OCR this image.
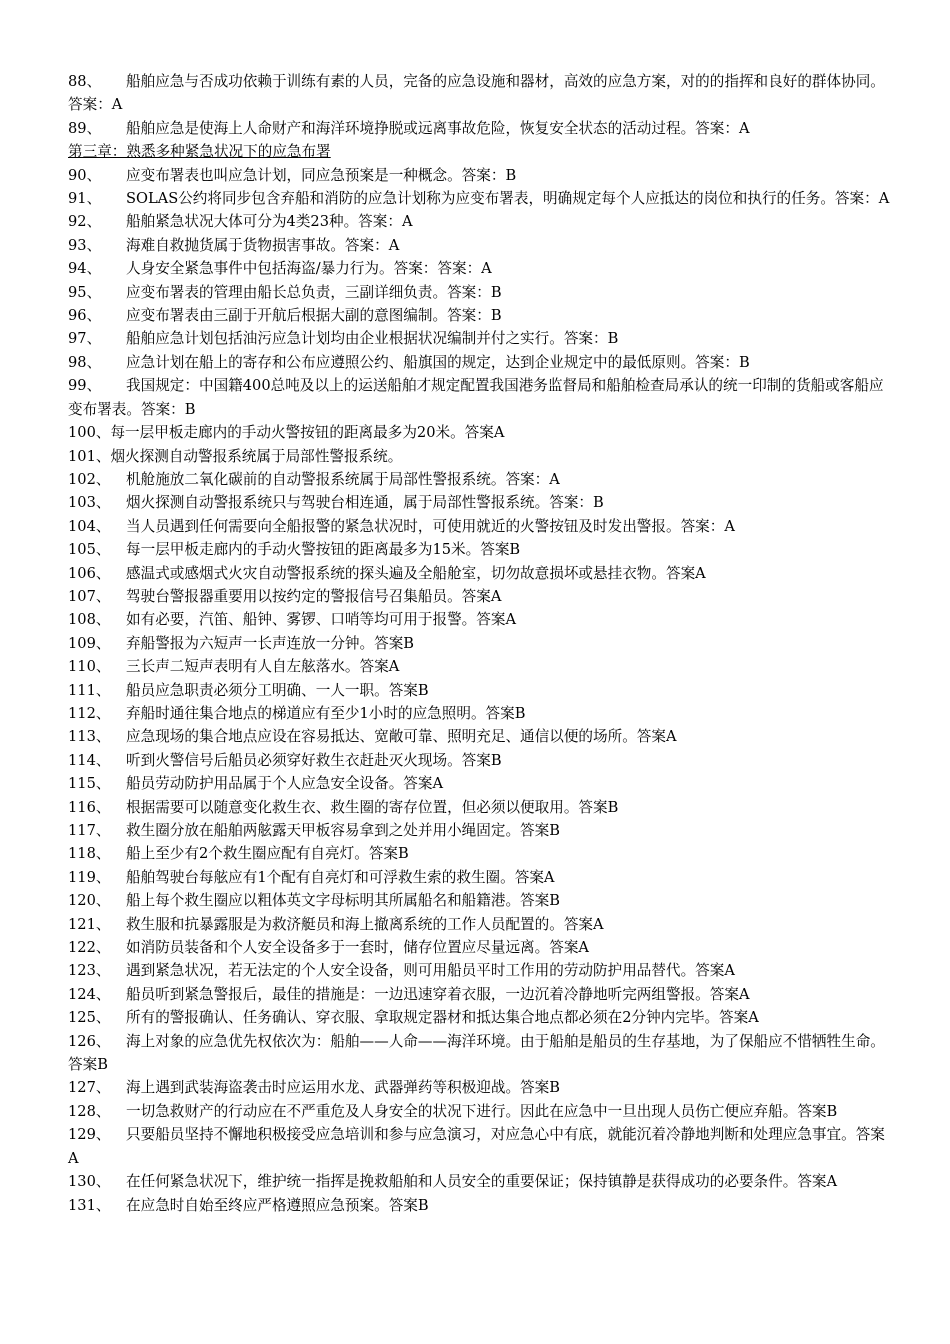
88、 船舶应急与否成功依赖于训练有素的人员，完备的应急设施和器材，高效的应急方案，对的的指挥和良好的群体协同。答案：A

89、 船舶应急是使海上人命财产和海洋环境挣脱或远离事故危险，恢复安全状态的活动过程。答案：A

第三章：熟悉多种紧急状况下的应急布署

90、 应变布署表也叫应急计划，同应急预案是一种概念。答案：B

91、 SOLAS公约将同步包含弃船和消防的应急计划称为应变布署表，明确规定每个人应抵达的岗位和执行的任务。答案：A

92、 船舶紧急状况大体可分为4类23种。答案：A

93、 海难自救抛货属于货物损害事故。答案：A

94、 人身安全紧急事件中包括海盗/暴力行为。答案：答案：A

95、 应变布署表的管理由船长总负责，三副详细负责。答案：B

96、 应变布署表由三副于开航后根据大副的意图编制。答案：B

97、 船舶应急计划包括油污应急计划均由企业根据状况编制并付之实行。答案：B

98、 应急计划在船上的寄存和公布应遵照公约、船旗国的规定，达到企业规定中的最低原则。答案：B

99、 我国规定：中国籍400总吨及以上的运送船舶才规定配置我国港务监督局和船舶检查局承认的统一印制的货船或客船应变布署表。答案：B

100、每一层甲板走廊内的手动火警按钮的距离最多为20米。答案A

101、烟火探测自动警报系统属于局部性警报系统。

102、 机舱施放二氧化碳前的自动警报系统属于局部性警报系统。答案：A

103、 烟火探测自动警报系统只与驾驶台相连通，属于局部性警报系统。答案：B

104、 当人员遇到任何需要向全船报警的紧急状况时，可使用就近的火警按钮及时发出警报。答案：A

105、 每一层甲板走廊内的手动火警按钮的距离最多为15米。答案B

106、 感温式或感烟式火灾自动警报系统的探头遍及全船舱室，切勿故意损坏或悬挂衣物。答案A

107、 驾驶台警报器重要用以按约定的警报信号召集船员。答案A

108、 如有必要，汽笛、船钟、雾锣、口哨等均可用于报警。答案A

109、 弃船警报为六短声一长声连放一分钟。答案B

110、 三长声二短声表明有人自左舷落水。答案A

111、 船员应急职责必须分工明确、一人一职。答案B

112、 弃船时通往集合地点的梯道应有至少1小时的应急照明。答案B

113、 应急现场的集合地点应设在容易抵达、宽敞可靠、照明充足、通信以便的场所。答案A

114、 听到火警信号后船员必须穿好救生衣赶赴灭火现场。答案B

115、 船员劳动防护用品属于个人应急安全设备。答案A

116、 根据需要可以随意变化救生衣、救生圈的寄存位置，但必须以便取用。答案B

117、 救生圈分放在船舶两舷露天甲板容易拿到之处并用小绳固定。答案B

118、 船上至少有2个救生圈应配有自亮灯。答案B

119、 船舶驾驶台每舷应有1个配有自亮灯和可浮救生索的救生圈。答案A

120、 船上每个救生圈应以粗体英文字母标明其所属船名和船籍港。答案B

121、 救生服和抗暴露服是为救济艇员和海上撤离系统的工作人员配置的。答案A

122、 如消防员装备和个人安全设备多于一套时，储存位置应尽量远离。答案A

123、 遇到紧急状况，若无法定的个人安全设备，则可用船员平时工作用的劳动防护用品替代。答案A

124、 船员听到紧急警报后，最佳的措施是：一边迅速穿着衣服，一边沉着冷静地听完两组警报。答案A

125、 所有的警报确认、任务确认、穿衣服、拿取规定器材和抵达集合地点都必须在2分钟内完毕。答案A

126、 海上对象的应急优先权依次为：船舶——人命——海洋环境。由于船舶是船员的生存基地，为了保船应不惜牺牲生命。答案B

127、 海上遇到武装海盗袭击时应运用水龙、武器弹药等积极迎战。答案B

128、 一切急救财产的行动应在不严重危及人身安全的状况下进行。因此在应急中一旦出现人员伤亡便应弃船。答案B

129、 只要船员坚持不懈地积极接受应急培训和参与应急演习，对应急心中有底，就能沉着冷静地判断和处理应急事宜。答案A

130、 在任何紧急状况下，维护统一指挥是挽救船舶和人员安全的重要保证；保持镇静是获得成功的必要条件。答案A

131、 在应急时自始至终应严格遵照应急预案。答案B
